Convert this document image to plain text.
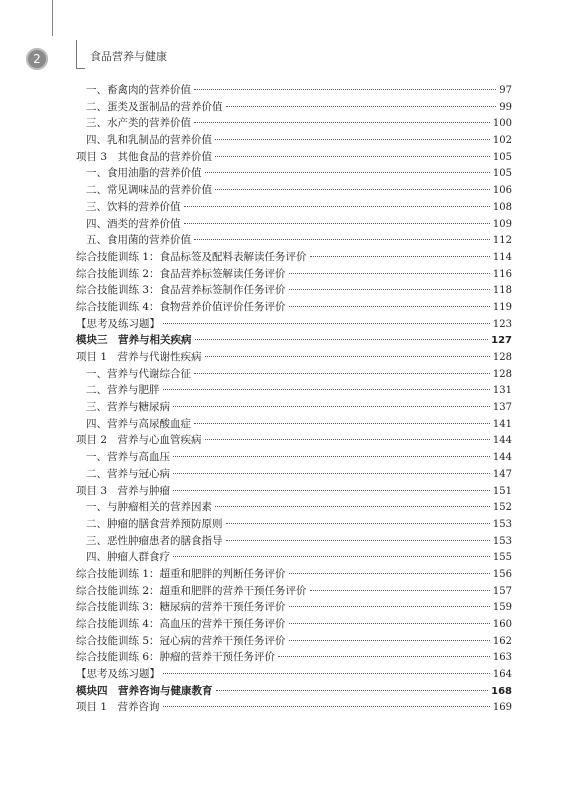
2	食品营养与健康
一、畜禽肉的营养价值	97
二、蛋类及蛋制品的营养价值	99
三、水产类的营养价值	100
四、乳和乳制品的营养价值	102
项目 3　其他食品的营养价值	105
一、食用油脂的营养价值	105
二、常见调味品的营养价值	106
三、饮料的营养价值	108
四、酒类的营养价值	109
五、食用菌的营养价值	112
综合技能训练 1：食品标签及配料表解读任务评价	114
综合技能训练 2：食品营养标签解读任务评价	116
综合技能训练 3：食品营养标签制作任务评价	118
综合技能训练 4：食物营养价值评价任务评价	119
【思考及练习题】	123
模块三　营养与相关疾病	127
项目 1　营养与代谢性疾病	128
一、营养与代谢综合征	128
二、营养与肥胖	131
三、营养与糖尿病	137
四、营养与高尿酸血症	141
项目 2　营养与心血管疾病	144
一、营养与高血压	144
二、营养与冠心病	147
项目 3　营养与肿瘤	151
一、与肿瘤相关的营养因素	152
二、肿瘤的膳食营养预防原则	153
三、恶性肿瘤患者的膳食指导	153
四、肿瘤人群食疗	155
综合技能训练 1：超重和肥胖的判断任务评价	156
综合技能训练 2：超重和肥胖的营养干预任务评价	157
综合技能训练 3：糖尿病的营养干预任务评价	159
综合技能训练 4：高血压的营养干预任务评价	160
综合技能训练 5：冠心病的营养干预任务评价	162
综合技能训练 6：肿瘤的营养干预任务评价	163
【思考及练习题】	164
模块四　营养咨询与健康教育	168
项目 1　营养咨询	169
